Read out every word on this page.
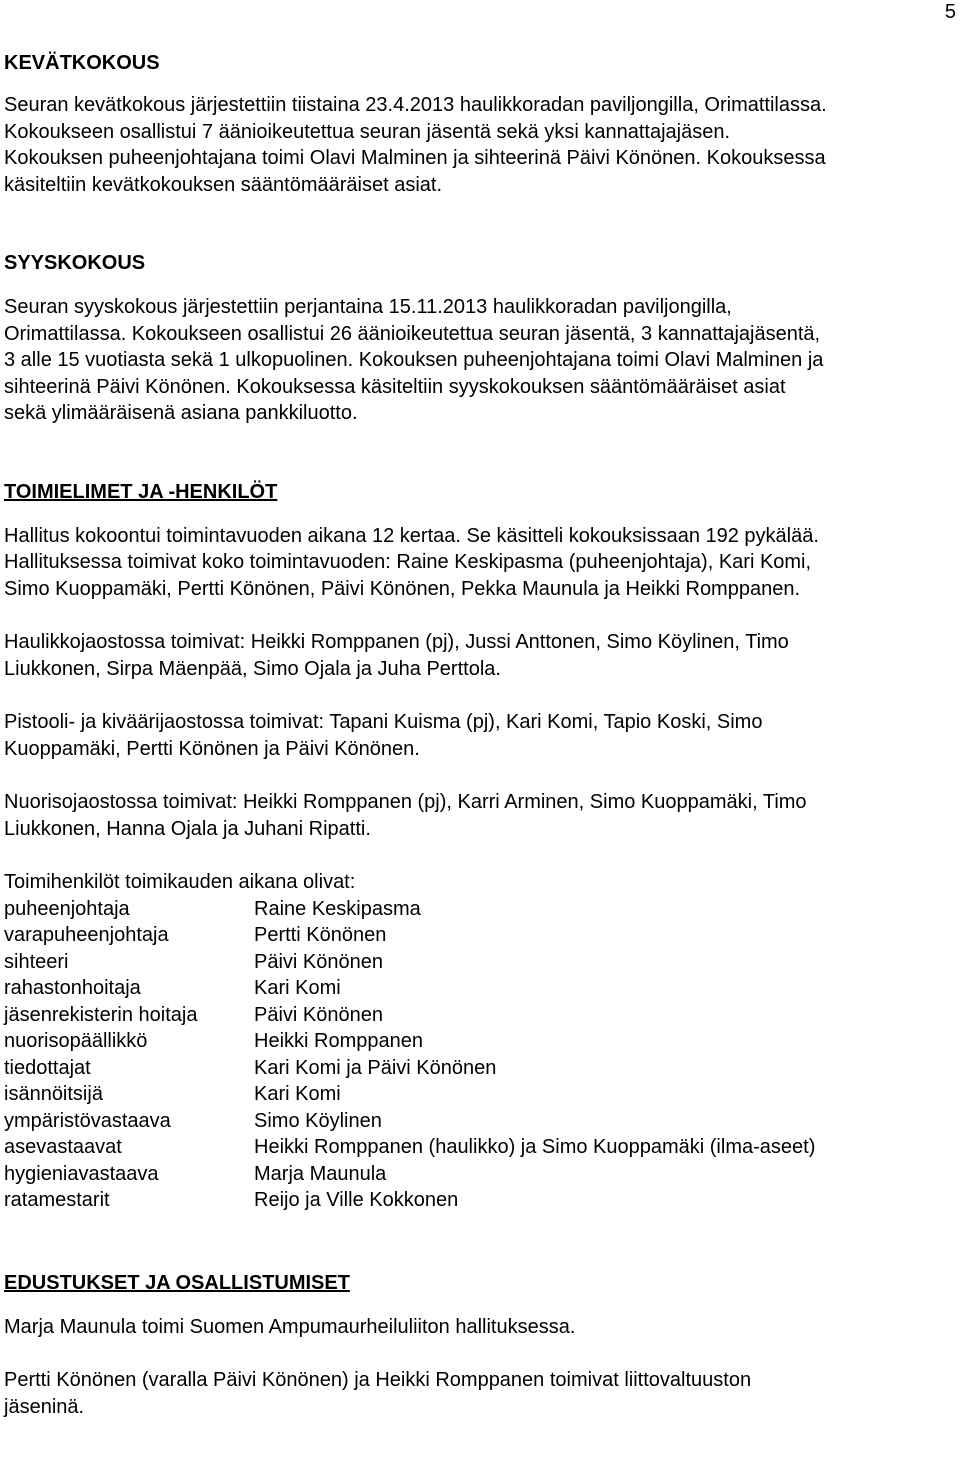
5
KEVÄTKOKOUS

Seuran kevätkokous järjestettiin tiistaina 23.4.2013 haulikkoradan paviljongilla, Orimattilassa.
Kokoukseen osallistui 7 äänioikeutettua seuran jäsentä sekä yksi kannattajajäsen.
Kokouksen puheenjohtajana toimi Olavi Malminen ja sihteerinä Päivi Könönen. Kokouksessa
käsiteltiin kevätkokouksen sääntömääräiset asiat.

SYYSKOKOUS

Seuran syyskokous järjestettiin perjantaina 15.11.2013 haulikkoradan paviljongilla,
Orimattilassa. Kokoukseen osallistui 26 äänioikeutettua seuran jäsentä, 3 kannattajajäsentä,
3 alle 15 vuotiasta sekä 1 ulkopuolinen. Kokouksen puheenjohtajana toimi Olavi Malminen ja
sihteerinä Päivi Könönen. Kokouksessa käsiteltiin syyskokouksen sääntömääräiset asiat
sekä ylimääräisenä asiana pankkiluotto.

TOIMIELIMET JA -HENKILÖT

Hallitus kokoontui toimintavuoden aikana 12 kertaa. Se käsitteli kokouksissaan 192 pykälää.
Hallituksessa toimivat koko toimintavuoden: Raine Keskipasma (puheenjohtaja), Kari Komi,
Simo Kuoppamäki, Pertti Könönen, Päivi Könönen, Pekka Maunula ja Heikki Romppanen.

Haulikkojaostossa toimivat: Heikki Romppanen (pj), Jussi Anttonen, Simo Köylinen, Timo
Liukkonen, Sirpa Mäenpää, Simo Ojala ja Juha Perttola.

Pistooli- ja kiväärijaostossa toimivat: Tapani Kuisma (pj), Kari Komi, Tapio Koski, Simo
Kuoppamäki, Pertti Könönen ja Päivi Könönen.

Nuorisojaostossa toimivat: Heikki Romppanen (pj), Karri Arminen, Simo Kuoppamäki, Timo
Liukkonen, Hanna Ojala ja Juhani Ripatti.

Toimihenkilöt toimikauden aikana olivat:

puheenjohtaja	Raine Keskipasma
varapuheenjohtaja	Pertti Könönen
sihteeri	Päivi Könönen
rahastonhoitaja	Kari Komi
jäsenrekisterin hoitaja	Päivi Könönen
nuorisopäällikkö	Heikki Romppanen
tiedottajat	Kari Komi ja Päivi Könönen
isännöitsijä	Kari Komi
ympäristövastaava	Simo Köylinen
asevastaavat	Heikki Romppanen (haulikko) ja Simo Kuoppamäki (ilma-aseet)
hygieniavastaava	Marja Maunula
ratamestarit	Reijo ja Ville Kokkonen
EDUSTUKSET JA OSALLISTUMISET

Marja Maunula toimi Suomen Ampumaurheiluliiton hallituksessa.

Pertti Könönen (varalla Päivi Könönen) ja Heikki Romppanen toimivat liittovaltuuston
jäseninä.
